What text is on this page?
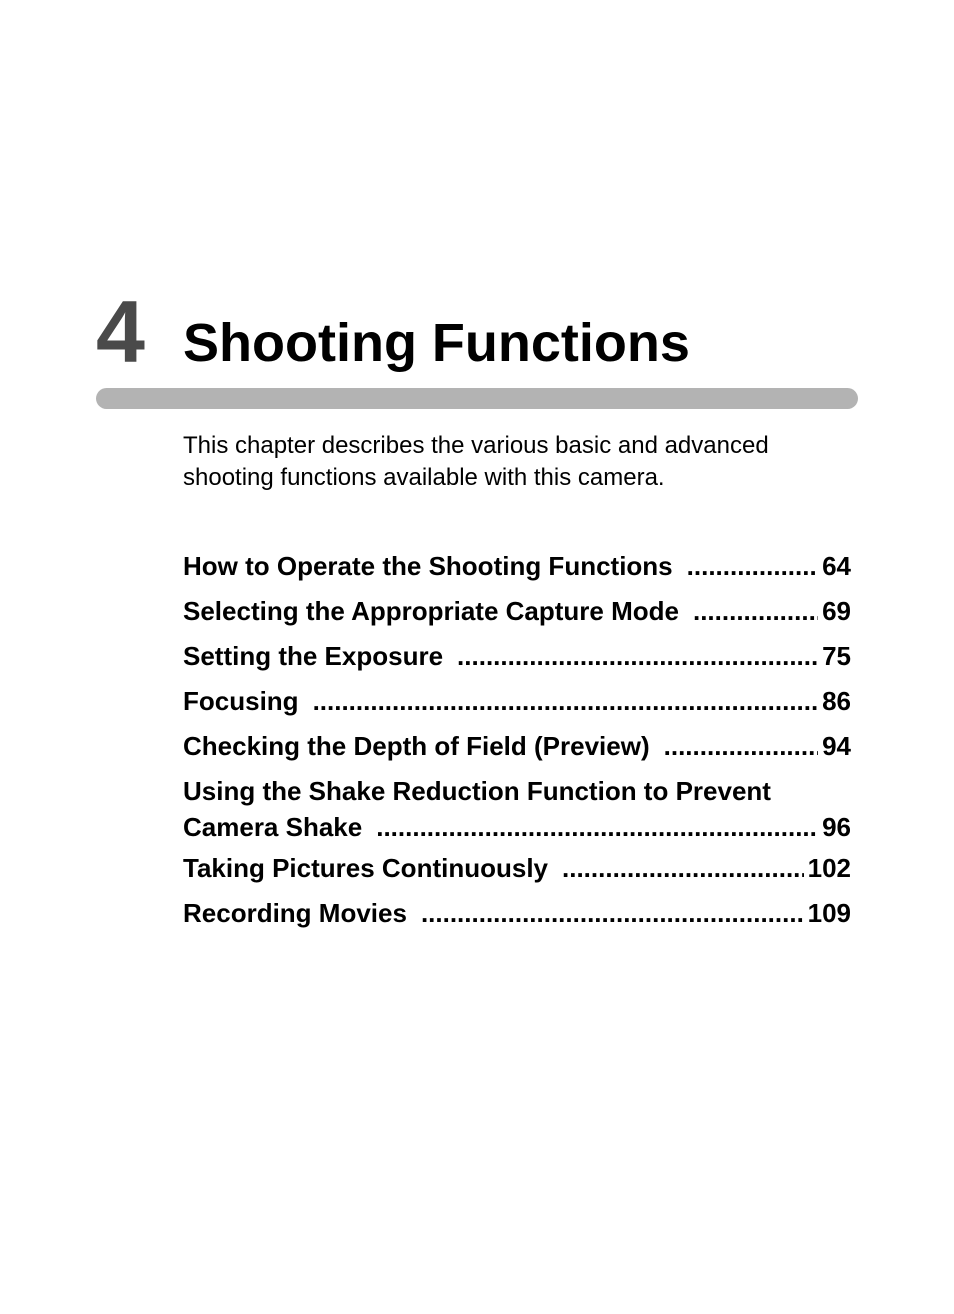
4 Shooting Functions

This chapter describes the various basic and advanced

shooting functions available with this camera.

How to Operate the Shooting Functions .....	64
Selecting the Appropriate Capture Mode .....	69
Setting the Exposure .....	75
Focusing .....	86
Checking the Depth of Field (Preview) .....	94
Using the Shake Reduction Function to Prevent
Camera Shake .....	96
Taking Pictures Continuously .....	102
Recording Movies .....	109
